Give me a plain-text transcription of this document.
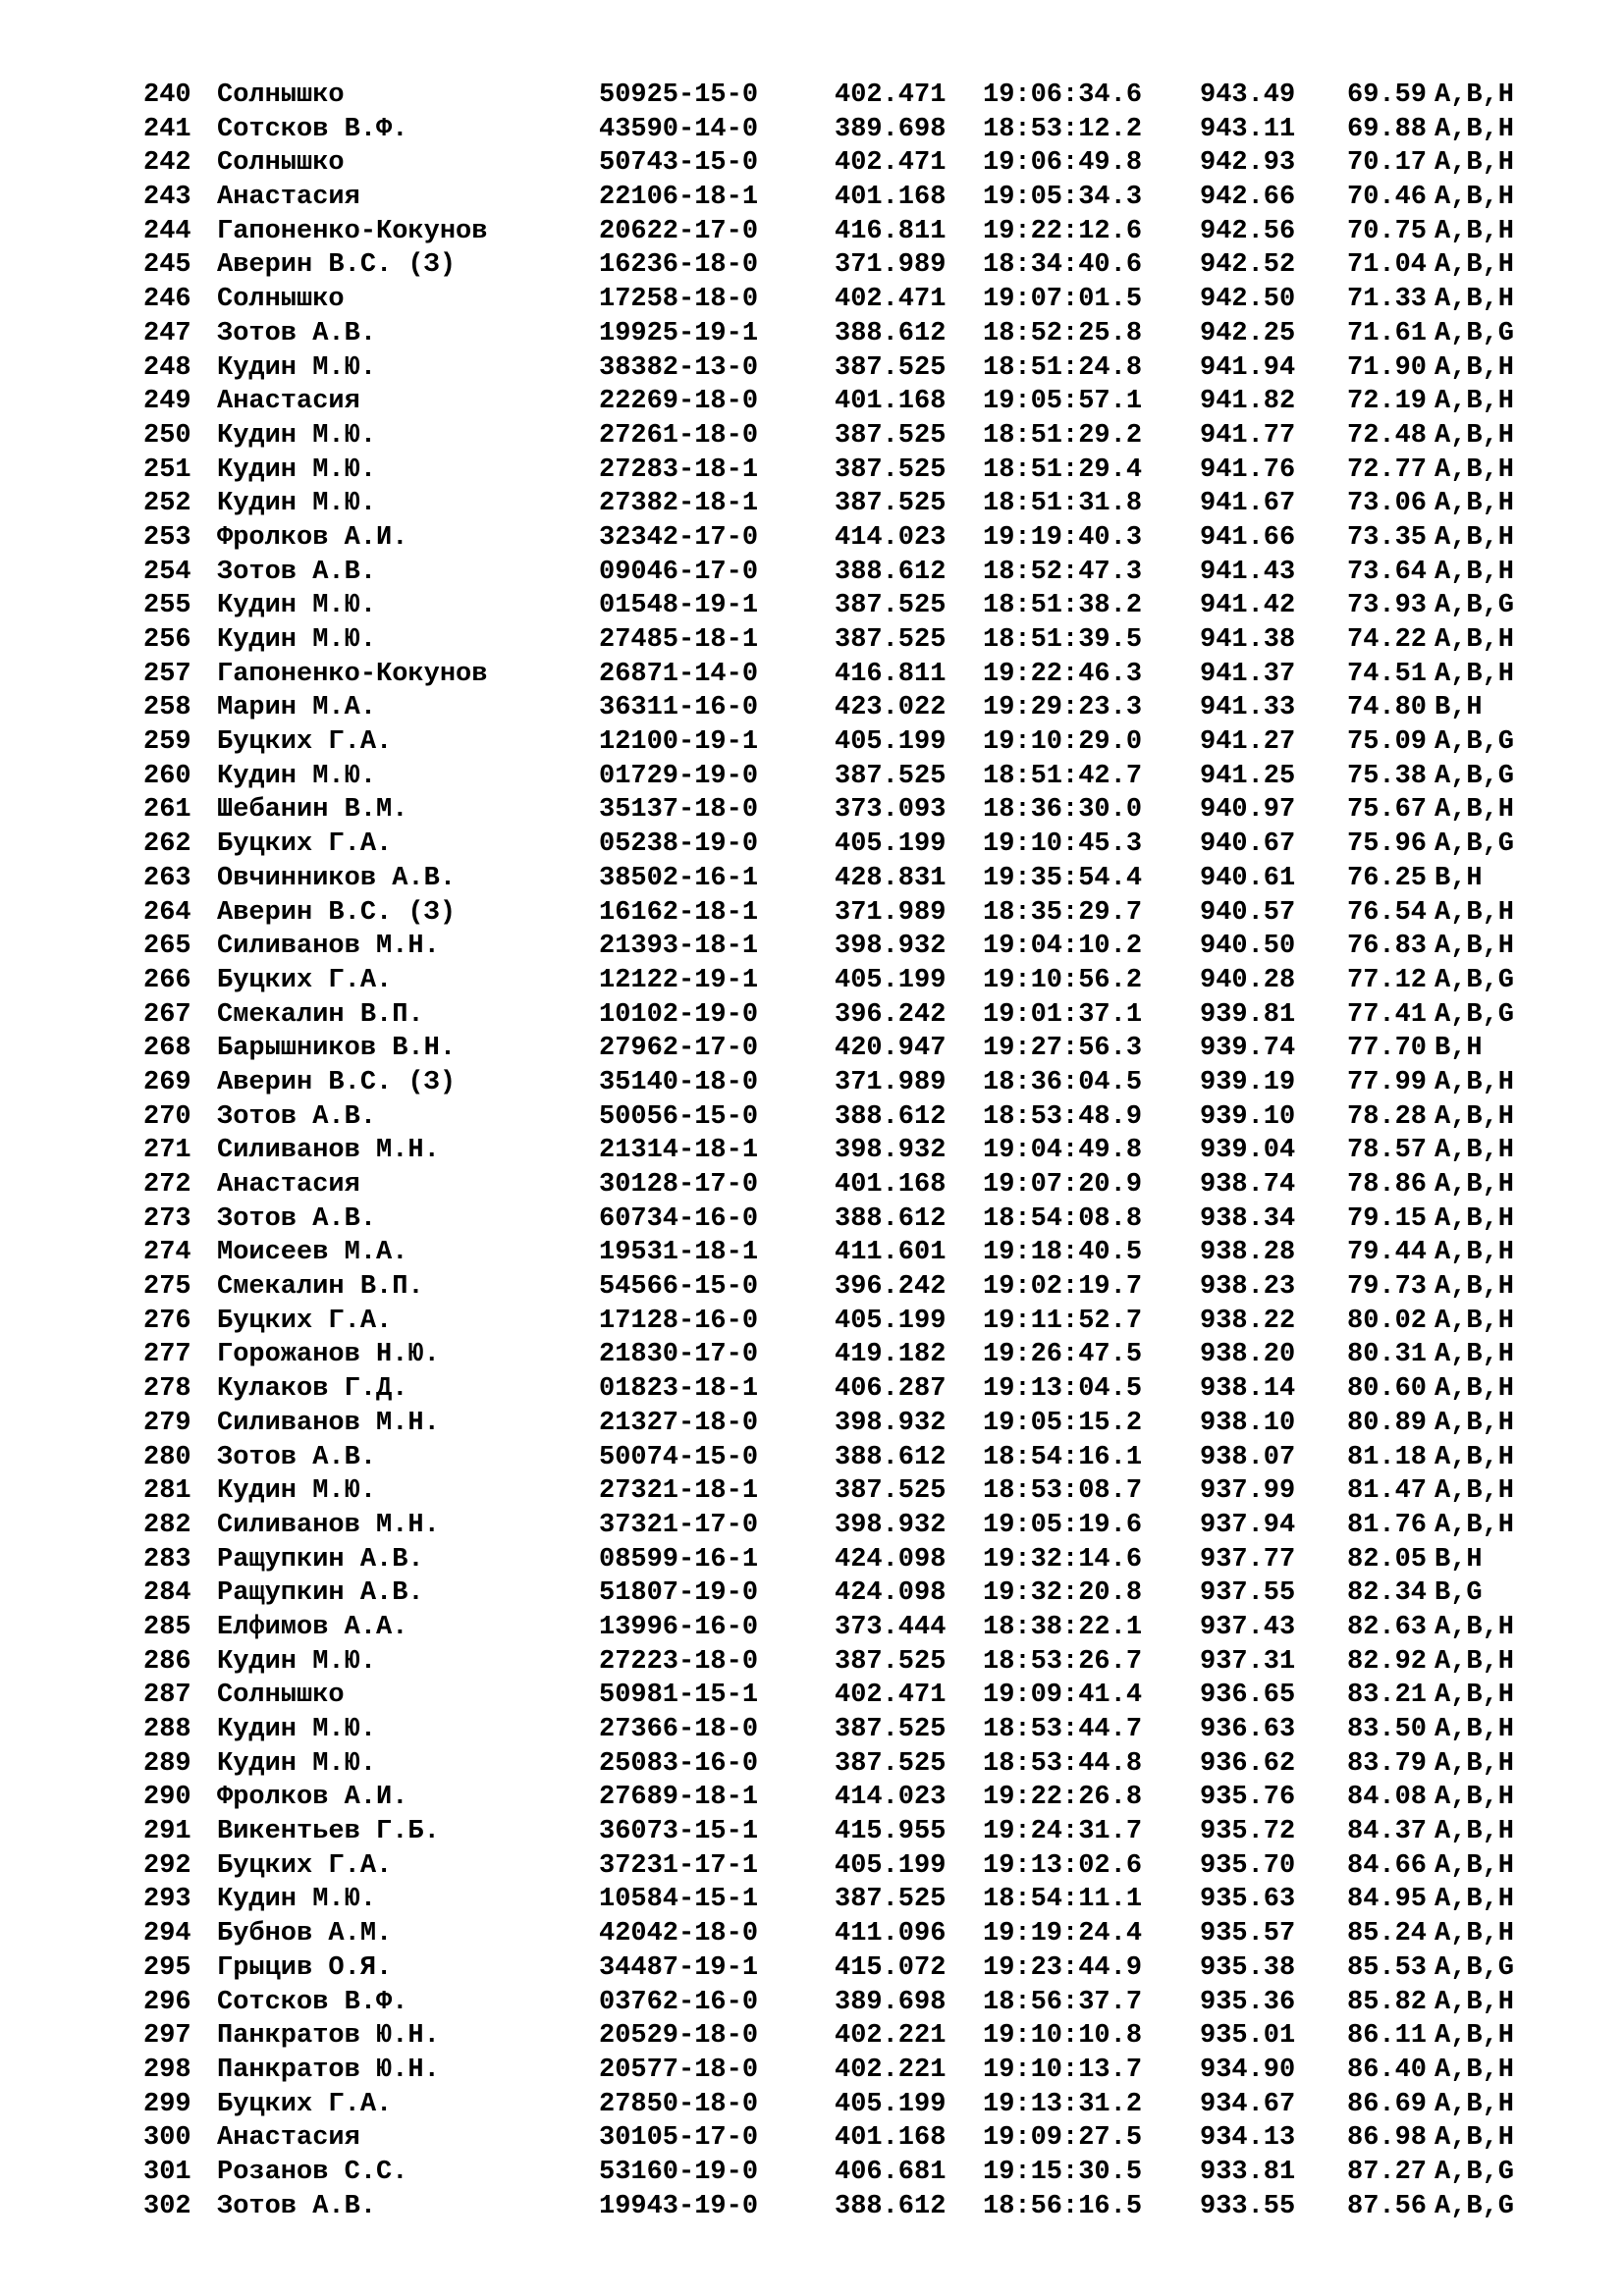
240 Солнышко	50925-15-0	402.471 19:06:34.6 943.49 69.59 A,B,H
241 Сотсков В.Ф.	43590-14-0	389.698 18:53:12.2 943.11 69.88 A,B,H
242 Солнышко	50743-15-0	402.471 19:06:49.8 942.93 70.17 A,B,H
243 Анастасия	22106-18-1	401.168 19:05:34.3 942.66 70.46 A,B,H
244 Гапоненко-Кокунов	20622-17-0	416.811 19:22:12.6 942.56 70.75 A,B,H
245 Аверин В.С. (З)	16236-18-0	371.989 18:34:40.6 942.52 71.04 A,B,H
246 Солнышко	17258-18-0	402.471 19:07:01.5 942.50 71.33 A,B,H
247 Зотов А.В.	19925-19-1	388.612 18:52:25.8 942.25 71.61 A,B,G
248 Кудин М.Ю.	38382-13-0	387.525 18:51:24.8 941.94 71.90 A,B,H
249 Анастасия	22269-18-0	401.168 19:05:57.1 941.82 72.19 A,B,H
250 Кудин М.Ю.	27261-18-0	387.525 18:51:29.2 941.77 72.48 A,B,H
251 Кудин М.Ю.	27283-18-1	387.525 18:51:29.4 941.76 72.77 A,B,H
252 Кудин М.Ю.	27382-18-1	387.525 18:51:31.8 941.67 73.06 A,B,H
253 Фролков А.И.	32342-17-0	414.023 19:19:40.3 941.66 73.35 A,B,H
254 Зотов А.В.	09046-17-0	388.612 18:52:47.3 941.43 73.64 A,B,H
255 Кудин М.Ю.	01548-19-1	387.525 18:51:38.2 941.42 73.93 A,B,G
256 Кудин М.Ю.	27485-18-1	387.525 18:51:39.5 941.38 74.22 A,B,H
257 Гапоненко-Кокунов	26871-14-0	416.811 19:22:46.3 941.37 74.51 A,B,H
258 Марин М.А.	36311-16-0	423.022 19:29:23.3 941.33 74.80 B,H
259 Буцких Г.А.	12100-19-1	405.199 19:10:29.0 941.27 75.09 A,B,G
260 Кудин М.Ю.	01729-19-0	387.525 18:51:42.7 941.25 75.38 A,B,G
261 Шебанин В.М.	35137-18-0	373.093 18:36:30.0 940.97 75.67 A,B,H
262 Буцких Г.А.	05238-19-0	405.199 19:10:45.3 940.67 75.96 A,B,G
263 Овчинников А.В.	38502-16-1	428.831 19:35:54.4 940.61 76.25 B,H
264 Аверин В.С. (З)	16162-18-1	371.989 18:35:29.7 940.57 76.54 A,B,H
265 Силиванов М.Н.	21393-18-1	398.932 19:04:10.2 940.50 76.83 A,B,H
266 Буцких Г.А.	12122-19-1	405.199 19:10:56.2 940.28 77.12 A,B,G
267 Смекалин В.П.	10102-19-0	396.242 19:01:37.1 939.81 77.41 A,B,G
268 Барышников В.Н.	27962-17-0	420.947 19:27:56.3 939.74 77.70 B,H
269 Аверин В.С. (З)	35140-18-0	371.989 18:36:04.5 939.19 77.99 A,B,H
270 Зотов А.В.	50056-15-0	388.612 18:53:48.9 939.10 78.28 A,B,H
271 Силиванов М.Н.	21314-18-1	398.932 19:04:49.8 939.04 78.57 A,B,H
272 Анастасия	30128-17-0	401.168 19:07:20.9 938.74 78.86 A,B,H
273 Зотов А.В.	60734-16-0	388.612 18:54:08.8 938.34 79.15 A,B,H
274 Моисеев М.А.	19531-18-1	411.601 19:18:40.5 938.28 79.44 A,B,H
275 Смекалин В.П.	54566-15-0	396.242 19:02:19.7 938.23 79.73 A,B,H
276 Буцких Г.А.	17128-16-0	405.199 19:11:52.7 938.22 80.02 A,B,H
277 Горожанов Н.Ю.	21830-17-0	419.182 19:26:47.5 938.20 80.31 A,B,H
278 Кулаков Г.Д.	01823-18-1	406.287 19:13:04.5 938.14 80.60 A,B,H
279 Силиванов М.Н.	21327-18-0	398.932 19:05:15.2 938.10 80.89 A,B,H
280 Зотов А.В.	50074-15-0	388.612 18:54:16.1 938.07 81.18 A,B,H
281 Кудин М.Ю.	27321-18-1	387.525 18:53:08.7 937.99 81.47 A,B,H
282 Силиванов М.Н.	37321-17-0	398.932 19:05:19.6 937.94 81.76 A,B,H
283 Ращупкин А.В.	08599-16-1	424.098 19:32:14.6 937.77 82.05 B,H
284 Ращупкин А.В.	51807-19-0	424.098 19:32:20.8 937.55 82.34 B,G
285 Елфимов А.А.	13996-16-0	373.444 18:38:22.1 937.43 82.63 A,B,H
286 Кудин М.Ю.	27223-18-0	387.525 18:53:26.7 937.31 82.92 A,B,H
287 Солнышко	50981-15-1	402.471 19:09:41.4 936.65 83.21 A,B,H
288 Кудин М.Ю.	27366-18-0	387.525 18:53:44.7 936.63 83.50 A,B,H
289 Кудин М.Ю.	25083-16-0	387.525 18:53:44.8 936.62 83.79 A,B,H
290 Фролков А.И.	27689-18-1	414.023 19:22:26.8 935.76 84.08 A,B,H
291 Викентьев Г.Б.	36073-15-1	415.955 19:24:31.7 935.72 84.37 A,B,H
292 Буцких Г.А.	37231-17-1	405.199 19:13:02.6 935.70 84.66 A,B,H
293 Кудин М.Ю.	10584-15-1	387.525 18:54:11.1 935.63 84.95 A,B,H
294 Бубнов А.М.	42042-18-0	411.096 19:19:24.4 935.57 85.24 A,B,H
295 Грыцив О.Я.	34487-19-1	415.072 19:23:44.9 935.38 85.53 A,B,G
296 Сотсков В.Ф.	03762-16-0	389.698 18:56:37.7 935.36 85.82 A,B,H
297 Панкратов Ю.Н.	20529-18-0	402.221 19:10:10.8 935.01 86.11 A,B,H
298 Панкратов Ю.Н.	20577-18-0	402.221 19:10:13.7 934.90 86.40 A,B,H
299 Буцких Г.А.	27850-18-0	405.199 19:13:31.2 934.67 86.69 A,B,H
300 Анастасия	30105-17-0	401.168 19:09:27.5 934.13 86.98 A,B,H
301 Розанов С.С.	53160-19-0	406.681 19:15:30.5 933.81 87.27 A,B,G
302 Зотов А.В.	19943-19-0	388.612 18:56:16.5 933.55 87.56 A,B,G
